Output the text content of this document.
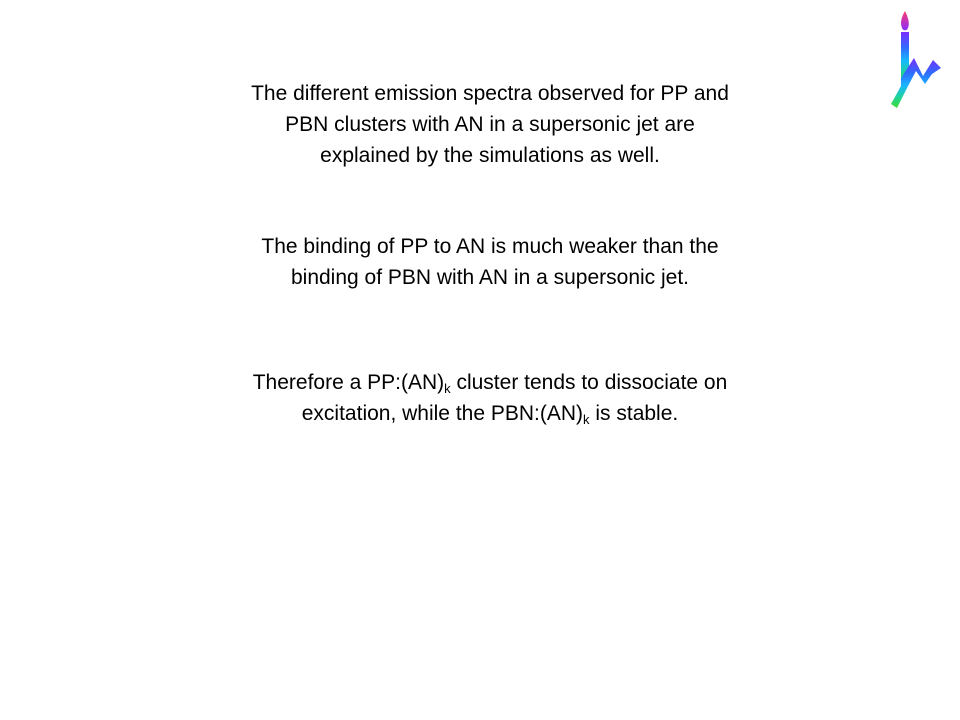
The different emission spectra observed for PP and
PBN clusters with AN in a supersonic jet are
explained by the simulations as well.
The binding of PP to AN is much weaker than the
binding of PBN with AN in a supersonic jet.
Therefore a $PP:(AN)_k$ cluster tends to dissociate on
excitation, while the $PBN:(AN)_k$ is stable.
